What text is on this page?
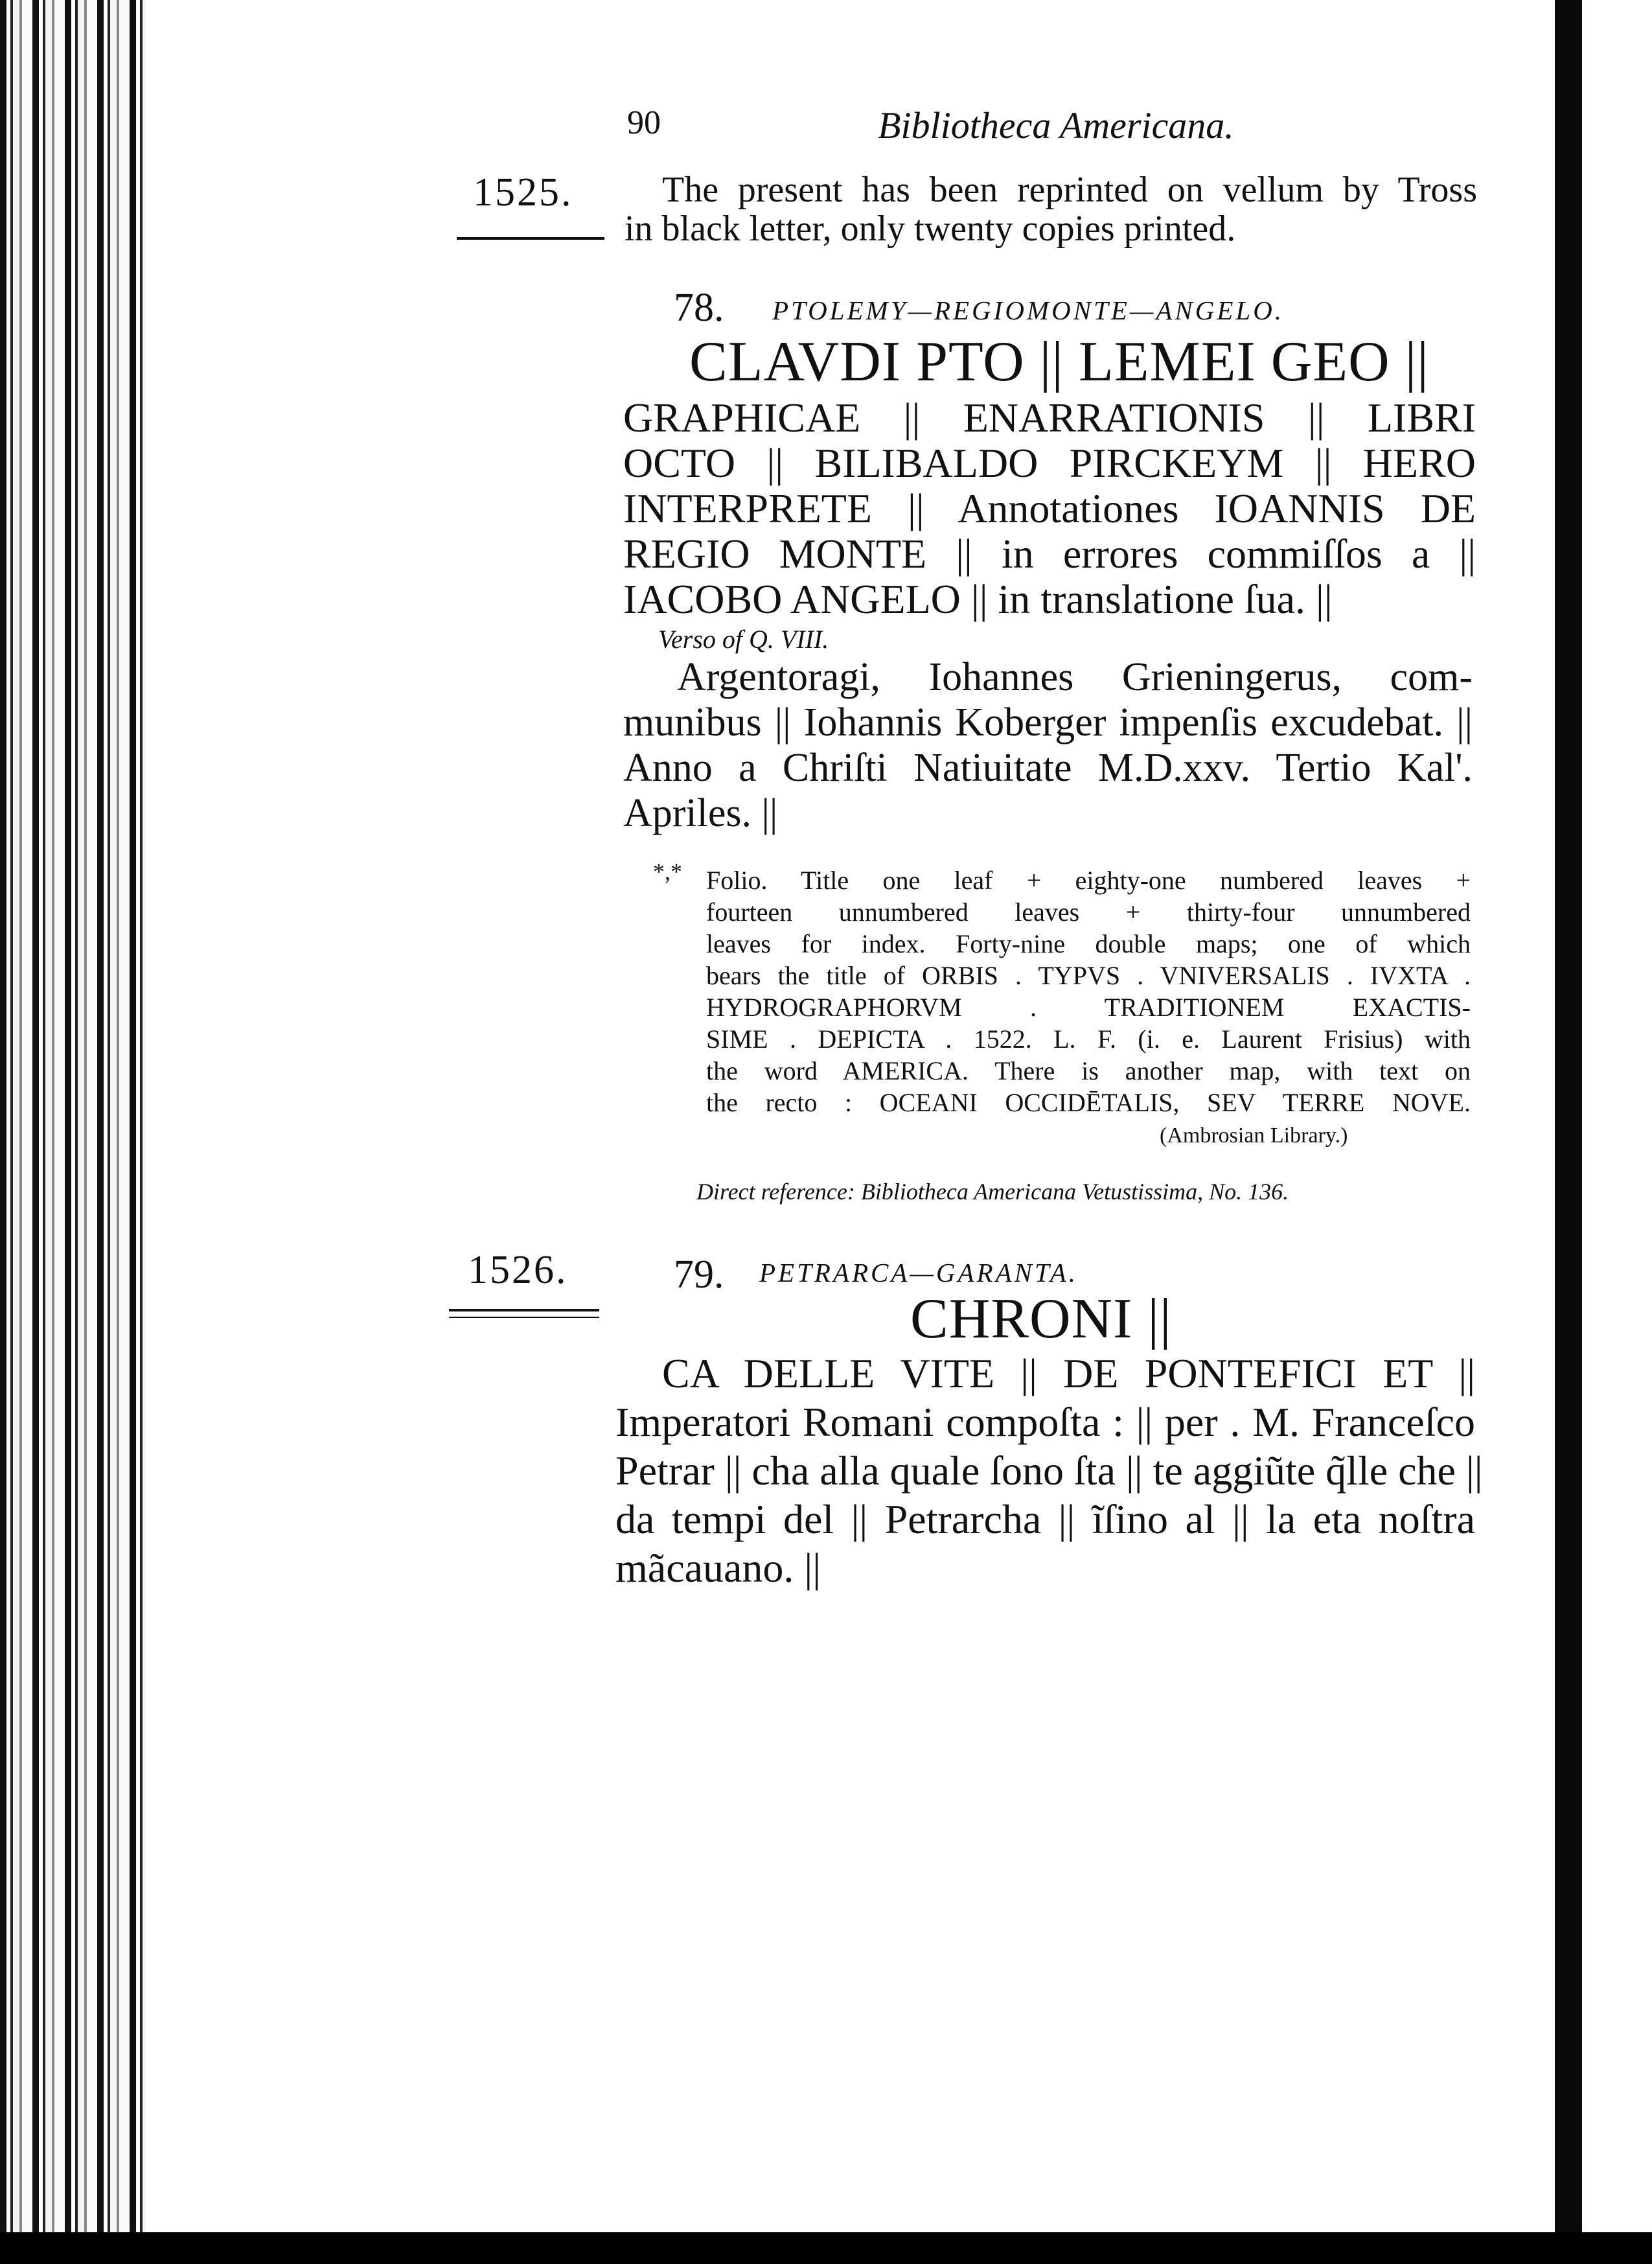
90	Bibliotheca Americana.
1525. The present has been reprinted on vellum by Tross
in black letter, only twenty copies printed.
78. PTOLEMY—REGIOMONTE—ANGELO.
CLAVDI PTO || LEMEI GEO ||
GRAPHICAE || ENARRATIONIS || LIBRI
OCTO || BILIBALDO PIRCKEYM || HERO
INTERPRETE || Annotationes IOANNIS DE
REGIO MONTE || in errores commiſſos a ||
IACOBO ANGELO || in translatione ſua. ||
Verso of Q. VIII.
Argentoragi, Iohannes Grieningerus, com-
munibus || Iohannis Koberger impenſis excudebat. ||
Anno a Chriſti Natiuitate M.D.xxv. Tertio Kal'.
Apriles. ||
*,* Folio. Title one leaf + eighty-one numbered leaves +
fourteen unnumbered leaves + thirty-four unnumbered
leaves for index. Forty-nine double maps; one of which
bears the title of ORBIS . TYPVS . VNIVERSALIS . IVXTA .
HYDROGRAPHORVM . TRADITIONEM EXACTIS-
SIME . DEPICTA . 1522. L. F. (i. e. Laurent Frisius) with
the word AMERICA. There is another map, with text on
the recto : OCEANI OCCIDĒTALIS, SEV TERRE NOVE.
(Ambrosian Library.)
Direct reference: Bibliotheca Americana Vetustissima, No. 136.
1526.	79. PETRARCA—GARANTA.
CHRONI ||
CA DELLE VITE || DE PONTEFICI ET ||
Imperatori Romani compoſta : || per . M. Franceſco
Petrar || cha alla quale ſono ſta || te aggiũte q̃lle che ||
da tempi del || Petrarcha || ĩſino al || la eta noſtra
mãcauano. ||
